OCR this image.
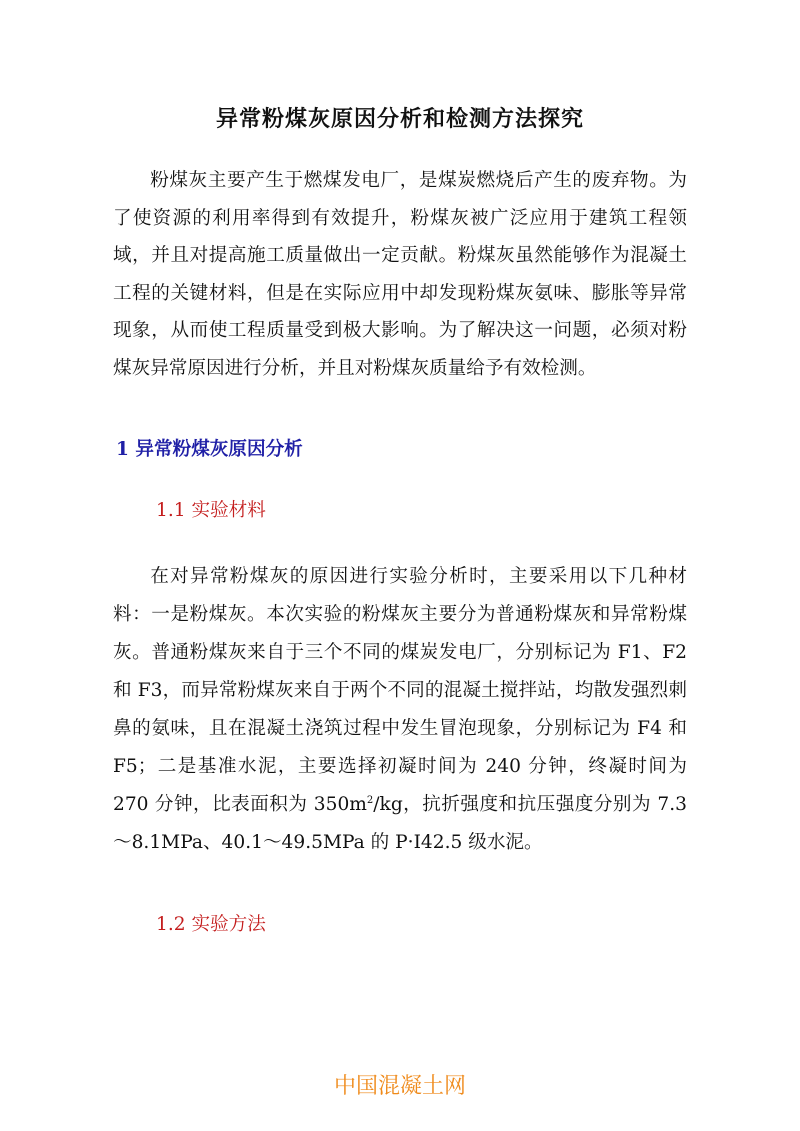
异常粉煤灰原因分析和检测方法探究

粉煤灰主要产生于燃煤发电厂，是煤炭燃烧后产生的废弃物。为了使资源的利用率得到有效提升，粉煤灰被广泛应用于建筑工程领域，并且对提高施工质量做出一定贡献。粉煤灰虽然能够作为混凝土工程的关键材料，但是在实际应用中却发现粉煤灰氨味、膨胀等异常现象，从而使工程质量受到极大影响。为了解决这一问题，必须对粉煤灰异常原因进行分析，并且对粉煤灰质量给予有效检测。

1 异常粉煤灰原因分析
1.1 实验材料

在对异常粉煤灰的原因进行实验分析时，主要采用以下几种材料：一是粉煤灰。本次实验的粉煤灰主要分为普通粉煤灰和异常粉煤灰。普通粉煤灰来自于三个不同的煤炭发电厂，分别标记为 F1、F2 和 F3，而异常粉煤灰来自于两个不同的混凝土搅拌站，均散发强烈刺鼻的氨味，且在混凝土浇筑过程中发生冒泡现象，分别标记为 F4 和 F5；二是基准水泥，主要选择初凝时间为 240 分钟，终凝时间为 270 分钟，比表面积为 $350m^2/kg$，抗折强度和抗压强度分别为 7.3～8.1MPa、40.1～49.5MPa 的 P·Ⅰ42.5 级水泥。

1.2 实验方法
中国混凝土网
